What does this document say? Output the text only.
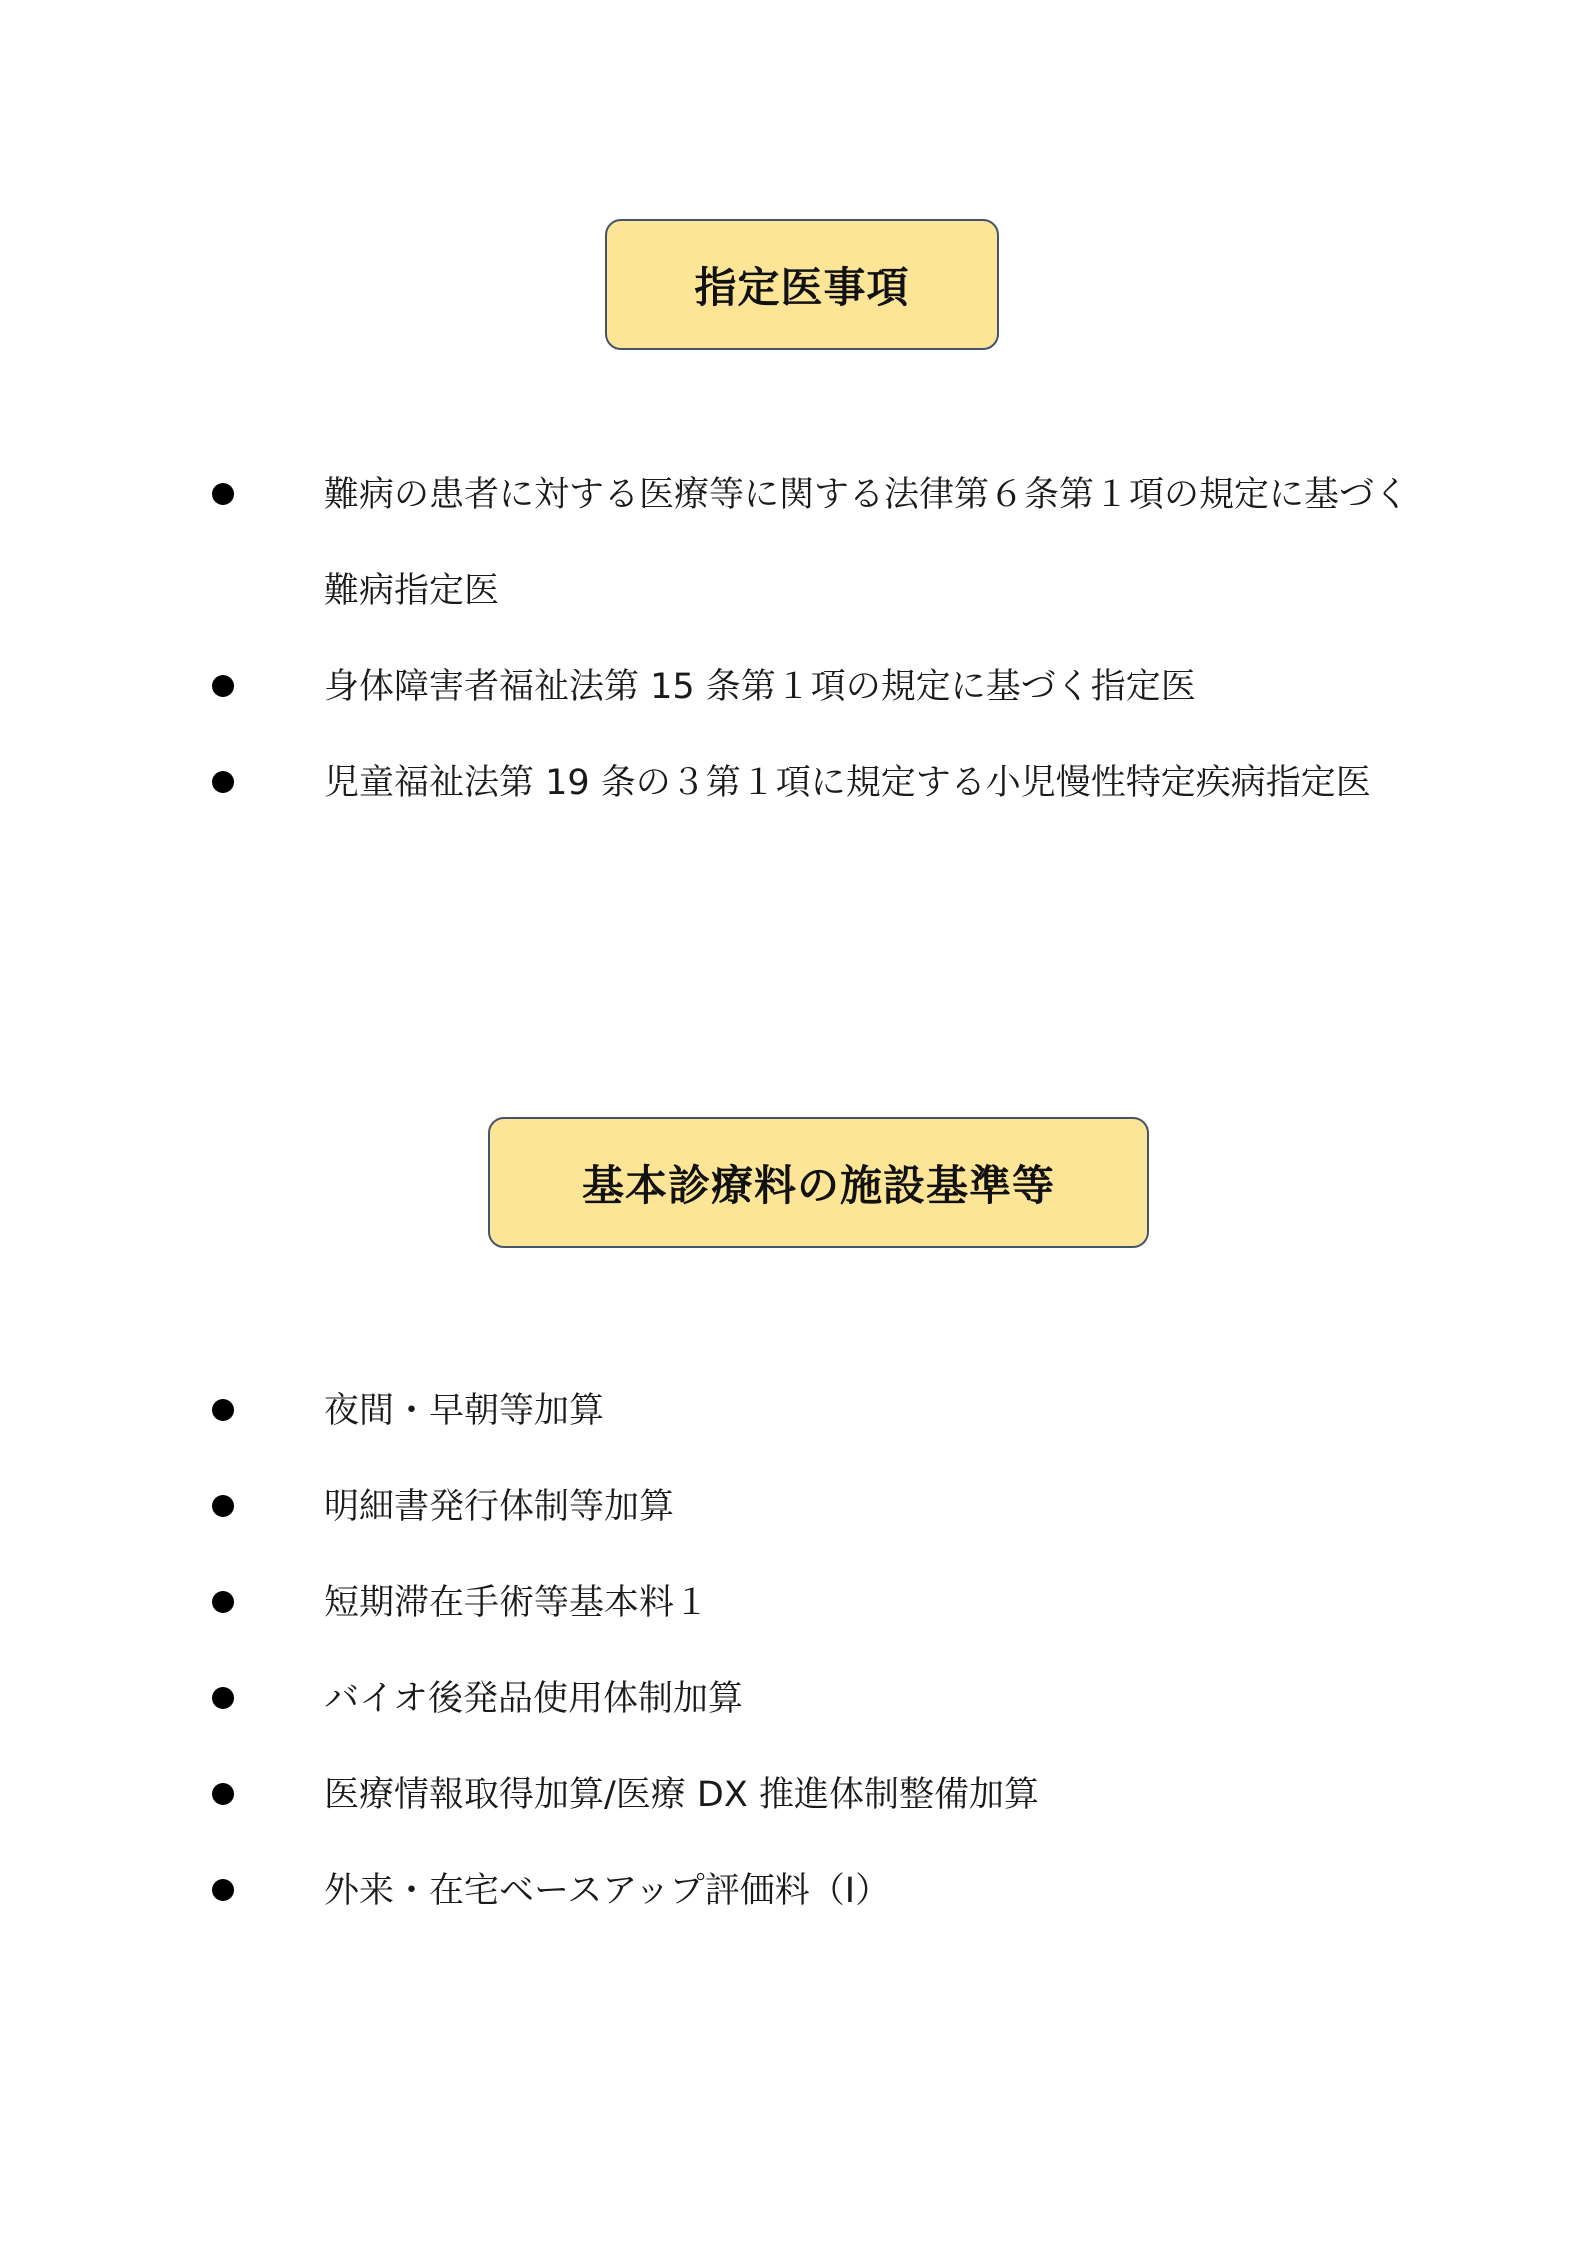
指定医事項
難病の患者に対する医療等に関する法律第６条第１項の規定に基づく難病指定医
身体障害者福祉法第 15 条第１項の規定に基づく指定医
児童福祉法第 19 条の３第１項に規定する小児慢性特定疾病指定医
基本診療料の施設基準等
夜間・早朝等加算
明細書発行体制等加算
短期滞在手術等基本料１
バイオ後発品使用体制加算
医療情報取得加算/医療 DX 推進体制整備加算
外来・在宅ベースアップ評価料（Ⅰ）
